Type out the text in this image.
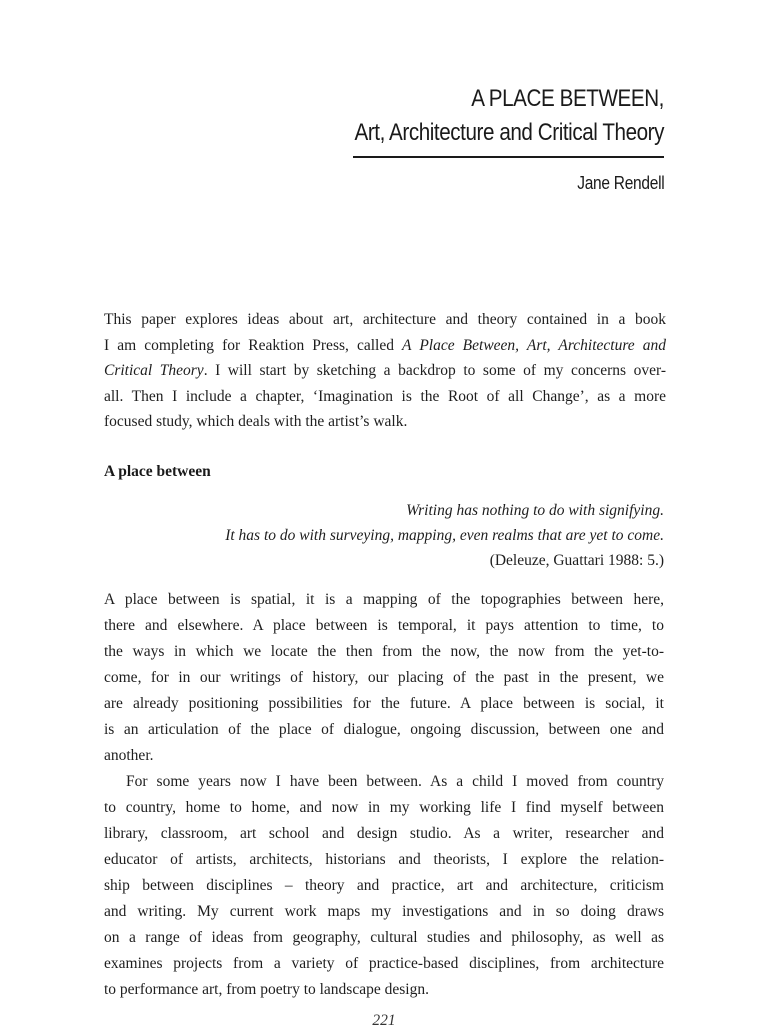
A PLACE BETWEEN,
Art, Architecture and Critical Theory
Jane Rendell
This paper explores ideas about art, architecture and theory contained in a book
I am completing for Reaktion Press, called A Place Between, Art, Architecture and
Critical Theory. I will start by sketching a backdrop to some of my concerns over-
all. Then I include a chapter, ‘Imagination is the Root of all Change’, as a more
focused study, which deals with the artist’s walk.
A place between
Writing has nothing to do with signifying.
It has to do with surveying, mapping, even realms that are yet to come.
(Deleuze, Guattari 1988: 5.)
A place between is spatial, it is a mapping of the topographies between here,
there and elsewhere. A place between is temporal, it pays attention to time, to
the ways in which we locate the then from the now, the now from the yet-to-
come, for in our writings of history, our placing of the past in the present, we
are already positioning possibilities for the future. A place between is social, it
is an articulation of the place of dialogue, ongoing discussion, between one and
another.
For some years now I have been between. As a child I moved from country
to country, home to home, and now in my working life I find myself between
library, classroom, art school and design studio. As a writer, researcher and
educator of artists, architects, historians and theorists, I explore the relation-
ship between disciplines – theory and practice, art and architecture, criticism
and writing. My current work maps my investigations and in so doing draws
on a range of ideas from geography, cultural studies and philosophy, as well as
examines projects from a variety of practice-based disciplines, from architecture
to performance art, from poetry to landscape design.
221
